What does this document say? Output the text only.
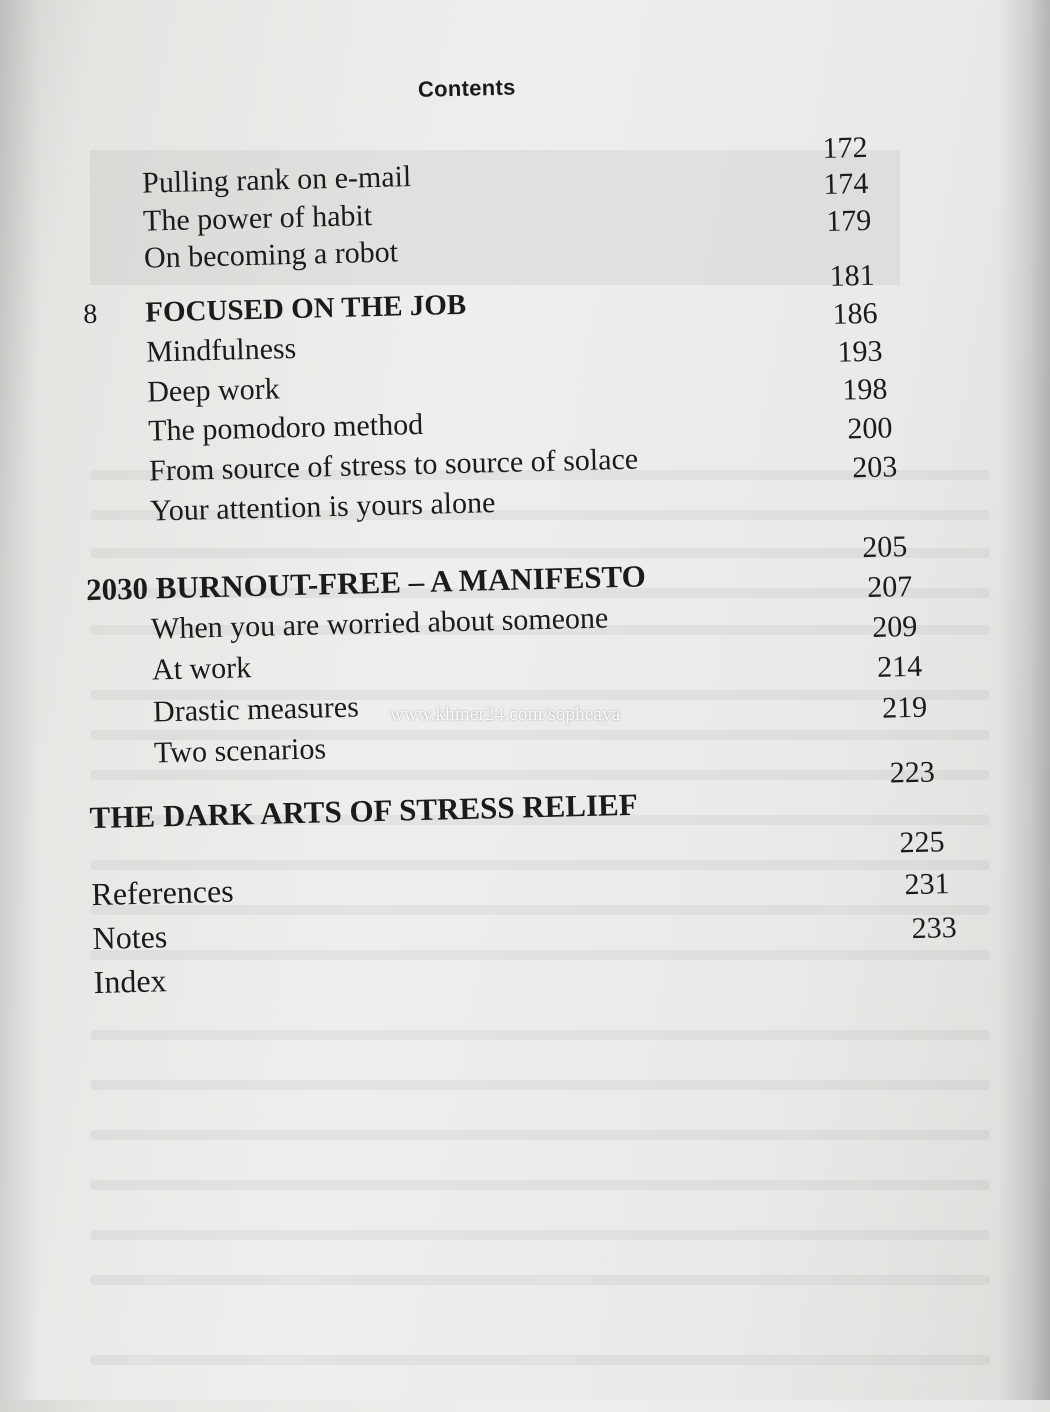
Contents
Pulling rank on e-mail
172
The power of habit
174
On becoming a robot
179
8	FOCUSED ON THE JOB
181
Mindfulness
186
Deep work
193
The pomodoro method
198
From source of stress to source of solace
200
Your attention is yours alone
203
2030 BURNOUT-FREE – A MANIFESTO
205
When you are worried about someone
207
At work
209
Drastic measures
214
Two scenarios
219
THE DARK ARTS OF STRESS RELIEF
223
References
225
Notes
231
Index
233
www.khmer24.com/sopheaya
